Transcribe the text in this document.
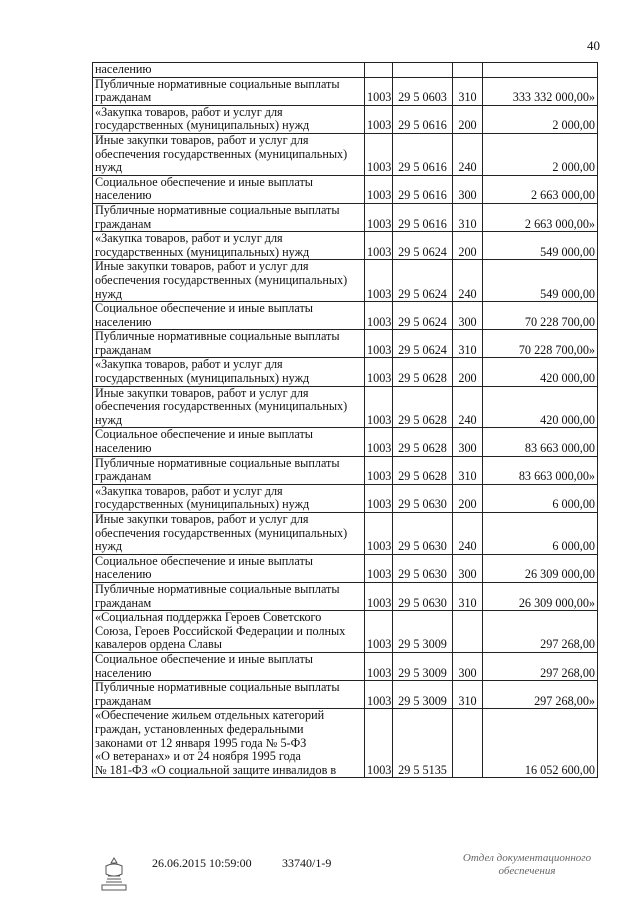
40
населению				

Публичные нормативные социальные выплаты
гражданам	1003	29 5 0603	310	333 332 000,00»

«Закупка товаров, работ и услуг для
государственных (муниципальных) нужд	1003	29 5 0616	200	2 000,00

Иные закупки товаров, работ и услуг для
обеспечения государственных (муниципальных)
нужд	1003	29 5 0616	240	2 000,00

Социальное обеспечение и иные выплаты
населению	1003	29 5 0616	300	2 663 000,00

Публичные нормативные социальные выплаты
гражданам	1003	29 5 0616	310	2 663 000,00»

«Закупка товаров, работ и услуг для
государственных (муниципальных) нужд	1003	29 5 0624	200	549 000,00

Иные закупки товаров, работ и услуг для
обеспечения государственных (муниципальных)
нужд	1003	29 5 0624	240	549 000,00

Социальное обеспечение и иные выплаты
населению	1003	29 5 0624	300	70 228 700,00

Публичные нормативные социальные выплаты
гражданам	1003	29 5 0624	310	70 228 700,00»

«Закупка товаров, работ и услуг для
государственных (муниципальных) нужд	1003	29 5 0628	200	420 000,00

Иные закупки товаров, работ и услуг для
обеспечения государственных (муниципальных)
нужд	1003	29 5 0628	240	420 000,00

Социальное обеспечение и иные выплаты
населению	1003	29 5 0628	300	83 663 000,00

Публичные нормативные социальные выплаты
гражданам	1003	29 5 0628	310	83 663 000,00»

«Закупка товаров, работ и услуг для
государственных (муниципальных) нужд	1003	29 5 0630	200	6 000,00

Иные закупки товаров, работ и услуг для
обеспечения государственных (муниципальных)
нужд	1003	29 5 0630	240	6 000,00

Социальное обеспечение и иные выплаты
населению	1003	29 5 0630	300	26 309 000,00

Публичные нормативные социальные выплаты
гражданам	1003	29 5 0630	310	26 309 000,00»

«Социальная поддержка Героев Советского
Союза, Героев Российской Федерации и полных
кавалеров ордена Славы	1003	29 5 3009		297 268,00

Социальное обеспечение и иные выплаты
населению	1003	29 5 3009	300	297 268,00

Публичные нормативные социальные выплаты
гражданам	1003	29 5 3009	310	297 268,00»

«Обеспечение жильем отдельных категорий
граждан, установленных федеральными
законами от 12 января 1995 года № 5-ФЗ
«О ветеранах» и от 24 ноября 1995 года
№ 181-ФЗ «О социальной защите инвалидов в	1003	29 5 5135		16 052 600,00
26.06.2015 10:59:00	33740/1-9	Отдел документационного
обеспечения
